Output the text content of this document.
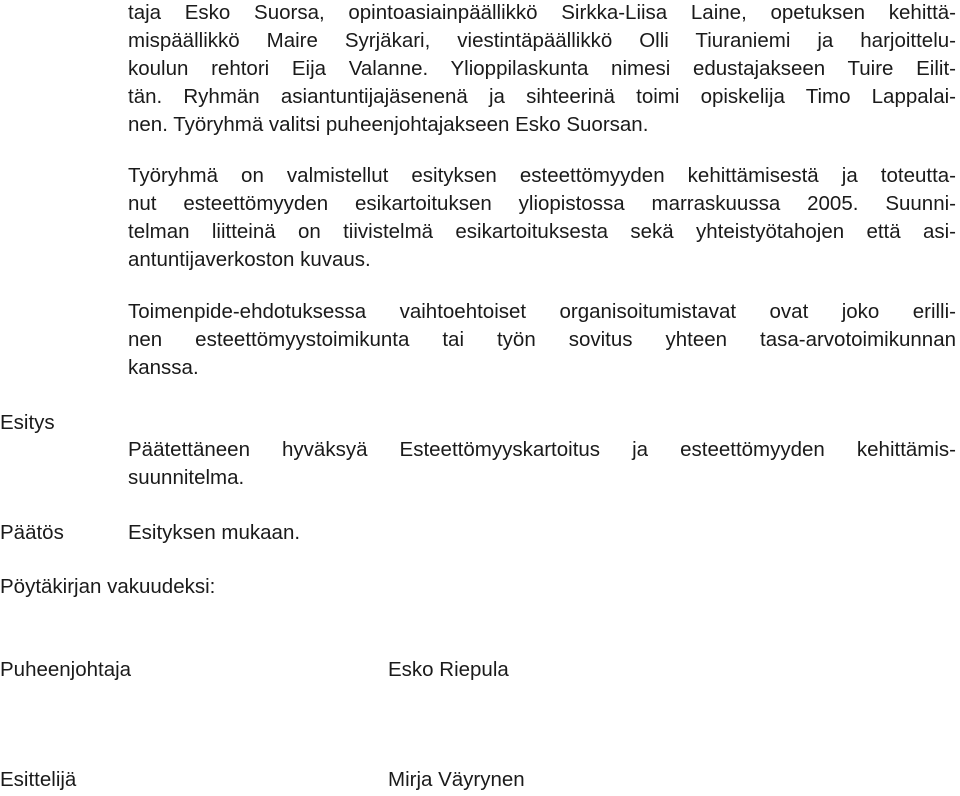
taja Esko Suorsa, opintoasiainpäällikkö Sirkka-Liisa Laine, opetuksen kehittä-
mispäällikkö Maire Syrjäkari, viestintäpäällikkö Olli Tiuraniemi ja harjoittelu-
koulun rehtori Eija Valanne. Ylioppilaskunta nimesi edustajakseen Tuire Eilit-
tän. Ryhmän asiantuntijajäsenenä ja sihteerinä toimi opiskelija Timo Lappalai-
nen. Työryhmä valitsi puheenjohtajakseen Esko Suorsan.
Työryhmä on valmistellut esityksen esteettömyyden kehittämisestä ja toteutta-
nut esteettömyyden esikartoituksen yliopistossa marraskuussa 2005. Suunni-
telman liitteinä on tiivistelmä esikartoituksesta sekä yhteistyötahojen että asi-
antuntijaverkoston kuvaus.
Toimenpide-ehdotuksessa vaihtoehtoiset organisoitumistavat ovat joko erilli-
nen esteettömyystoimikunta tai työn sovitus yhteen tasa-arvotoimikunnan
kanssa.
Esitys
Päätettäneen hyväksyä Esteettömyyskartoitus ja esteettömyyden kehittämis-
suunnitelma.
Päätös	Esityksen mukaan.
Pöytäkirjan vakuudeksi:
Puheenjohtaja	Esko Riepula
Esittelijä	Mirja Väyrynen
